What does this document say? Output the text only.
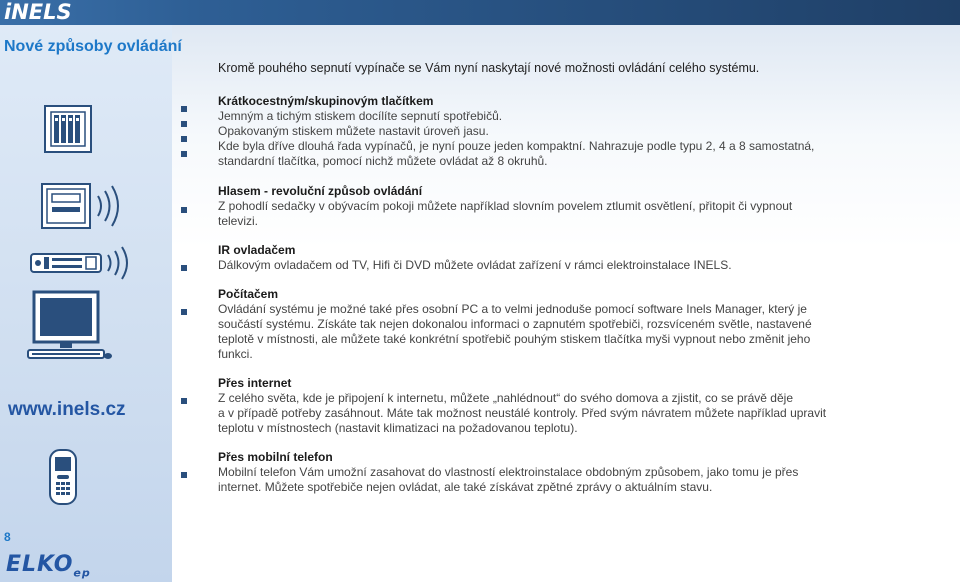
iNELS
Nové způsoby ovládání
Kromě pouhého sepnutí vypínače se Vám nyní naskytají nové možnosti ovládání celého systému.
Krátkocestným/skupinovým tlačítkem
Jemným a tichým stiskem docílíte sepnutí spotřebičů.
Opakovaným stiskem můžete nastavit úroveň jasu.
Kde byla dříve dlouhá řada vypínačů, je nyní pouze jeden kompaktní. Nahrazuje podle typu 2, 4 a 8 samostatná,
standardní tlačítka, pomocí nichž můžete ovládat až 8 okruhů.
Hlasem - revoluční způsob ovládání
Z pohodlí sedačky v obývacím pokoji můžete například slovním povelem ztlumit osvětlení, přitopit či vypnout
televizi.
IR ovladačem
Dálkovým ovladačem od TV, Hifi či DVD můžete ovládat zařízení v rámci elektroinstalace INELS.
Počítačem
Ovládání systému je možné také přes osobní PC a to velmi jednoduše pomocí software Inels Manager, který je
součástí systému. Získáte tak nejen dokonalou informaci o zapnutém spotřebiči, rozsvíceném světle, nastavené
teplotě v místnosti, ale můžete také konkrétní spotřebič pouhým stiskem tlačítka myši vypnout nebo změnit jeho
funkci.
Přes internet
Z celého světa, kde je připojení k internetu, můžete „nahlédnout“ do svého domova a zjistit, co se právě děje
a v případě potřeby zasáhnout. Máte tak možnost neustálé kontroly. Před svým návratem můžete například upravit
teplotu v místnostech (nastavit klimatizaci na požadovanou teplotu).
Přes mobilní telefon
Mobilní telefon Vám umožní zasahovat do vlastností elektroinstalace obdobným způsobem, jako tomu je přes
internet. Můžete spotřebiče nejen ovládat, ale také získávat zpětné zprávy o aktuálním stavu.
www.inels.cz
8
$ELKO_{ep}$
